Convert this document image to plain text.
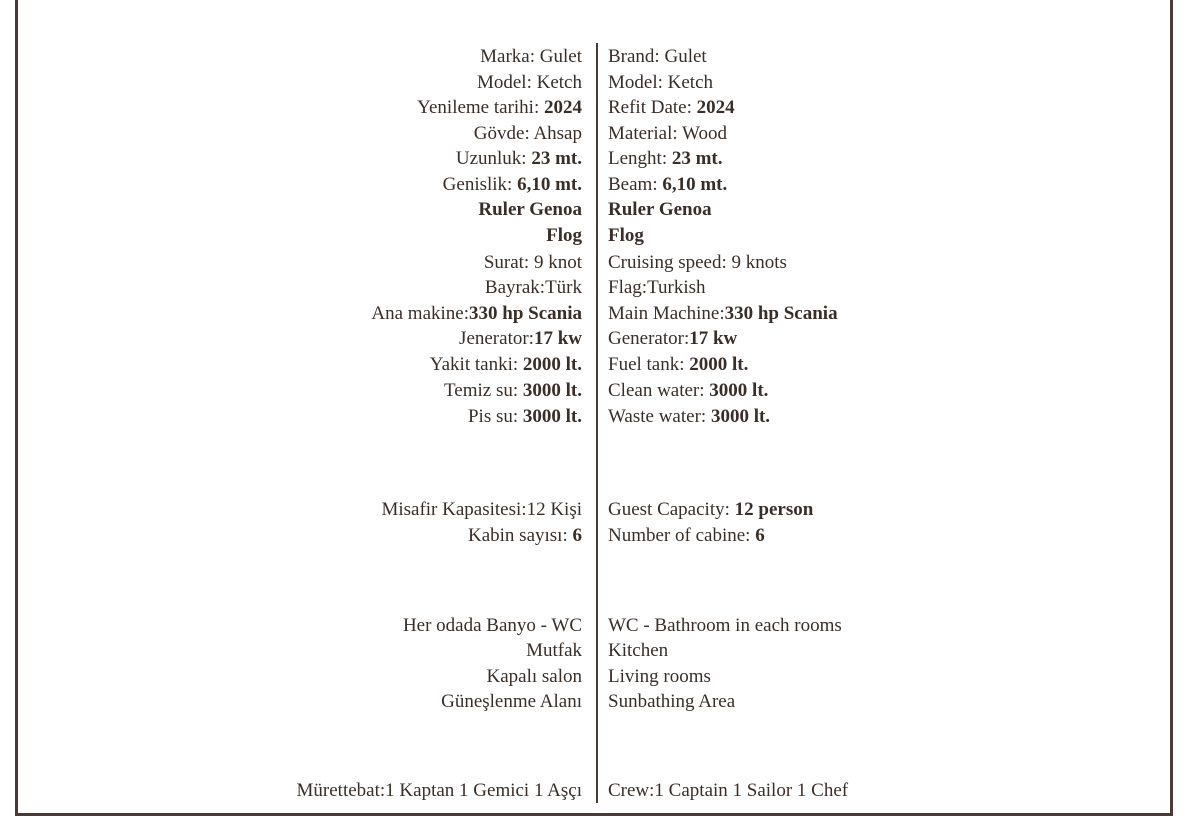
Marka: Gulet
Model: Ketch
Yenileme tarihi: 2024
Gövde: Ahsap
Uzunluk: 23 mt.
Genislik: 6,10 mt.
Ruler Genoa
Flog
Surat: 9 knot
Bayrak:Türk
Ana makine:330 hp Scania
Jenerator:17 kw
Yakit tanki: 2000 lt.
Temiz su: 3000 lt.
Pis su: 3000 lt.
Misafir Kapasitesi:12 Kişi
Kabin sayısı: 6
Her odada Banyo - WC
Mutfak
Kapalı salon
Güneşlenme Alanı
Mürettebat:1 Kaptan 1 Gemici 1 Aşçı
Brand: Gulet
Model: Ketch
Refit Date: 2024
Material: Wood
Lenght: 23 mt.
Beam: 6,10 mt.
Ruler Genoa
Flog
Cruising speed: 9 knots
Flag:Turkish
Main Machine:330 hp Scania
Generator:17 kw
Fuel tank: 2000 lt.
Clean water: 3000 lt.
Waste water: 3000 lt.
Guest Capacity: 12 person
Number of cabine: 6
WC - Bathroom in each rooms
Kitchen
Living rooms
Sunbathing Area
Crew:1 Captain 1 Sailor 1 Chef
